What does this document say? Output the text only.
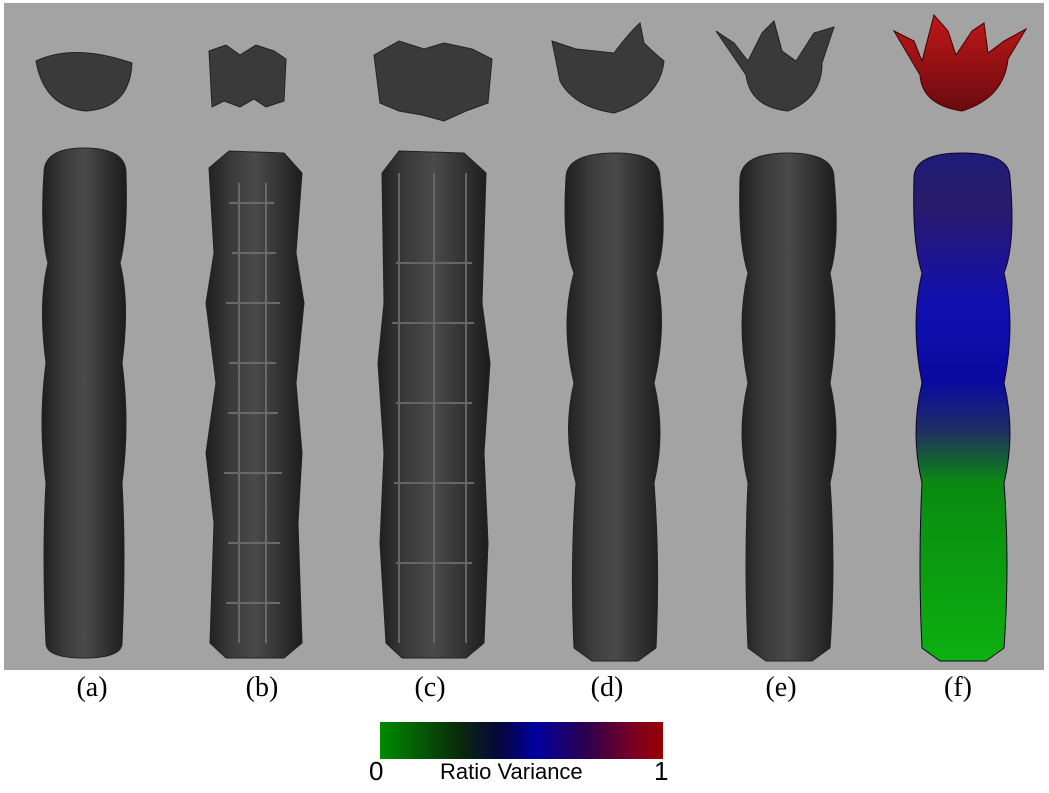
(a)	(b)	(c)	(d)	(e)	(f)
0	Ratio Variance	1
